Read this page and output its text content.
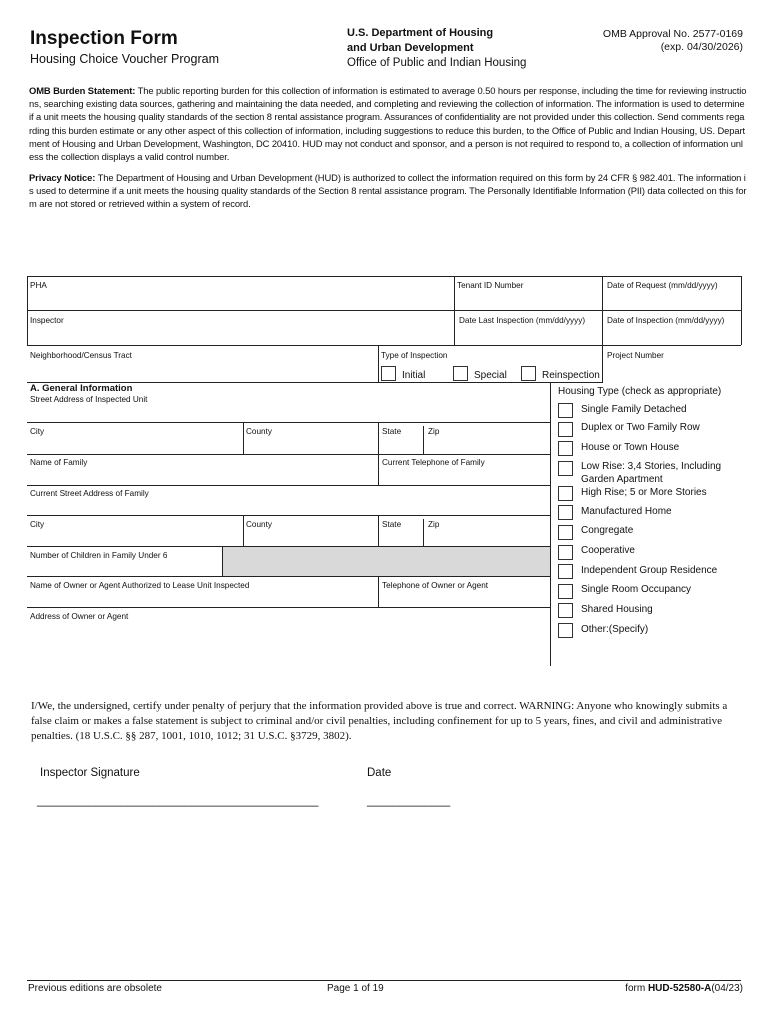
Inspection Form
Housing Choice Voucher Program
U.S. Department of Housing
and Urban Development
Office of Public and Indian Housing
OMB Approval No. 2577-0169
(exp. 04/30/2026)
OMB Burden Statement: The public reporting burden for this collection of information is estimated to average 0.50 hours per response, including the time for reviewing instructions, searching existing data sources, gathering and maintaining the data needed, and completing and reviewing the collection of information. The information is used to determine if a unit meets the housing quality standards of the section 8 rental assistance program. Assurances of confidentiality are not provided under this collection. Send comments regarding this burden estimate or any other aspect of this collection of information, including suggestions to reduce this burden, to the Office of Public and Indian Housing, US. Department of Housing and Urban Development, Washington, DC 20410. HUD may not conduct and sponsor, and a person is not required to respond to, a collection of information unless the collection displays a valid control number.
Privacy Notice: The Department of Housing and Urban Development (HUD) is authorized to collect the information required on this form by 24 CFR § 982.401. The information is used to determine if a unit meets the housing quality standards of the Section 8 rental assistance program. The Personally Identifiable Information (PII) data collected on this form are not stored or retrieved within a system of record.
PHA	Tenant ID Number	Date of Request (mm/dd/yyyy)
Inspector	Date Last Inspection (mm/dd/yyyy)	Date of Inspection (mm/dd/yyyy)
Neighborhood/Census Tract	Type of Inspection	Project Number
Initial	Special	Reinspection
A. General Information
Street Address of Inspected Unit
City	County	State	Zip
Name of Family	Current Telephone of Family
Current Street Address of Family
City	County	State	Zip
Number of Children in Family Under 6
Name of Owner or Agent Authorized to Lease Unit Inspected	Telephone of Owner or Agent
Address of Owner or Agent
Housing Type (check as appropriate)
Single Family Detached
Duplex or Two Family Row
House or Town House
Low Rise: 3,4 Stories, Including
Garden Apartment
High Rise; 5 or More Stories
Manufactured Home
Congregate
Cooperative
Independent Group Residence
Single Room Occupancy
Shared Housing
Other:(Specify)
I/We, the undersigned, certify under penalty of perjury that the information provided above is true and correct. WARNING: Anyone who knowingly submits a false claim or makes a false statement is subject to criminal and/or civil penalties, including confinement for up to 5 years, fines, and civil and administrative penalties. (18 U.S.C. §§ 287, 1001, 1010, 1012; 31 U.S.C. §3729, 3802).
Inspector Signature	Date
____________________________________________	_____________
Previous editions are obsolete	Page 1 of 19	form HUD-52580-A(04/23)
